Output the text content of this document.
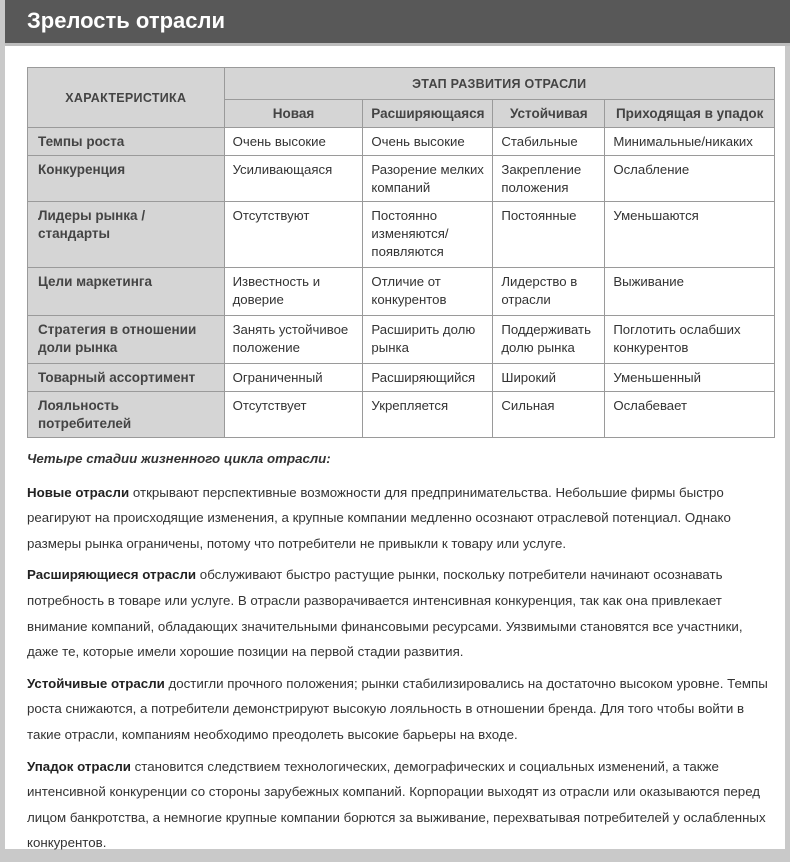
Зрелость отрасли
ХАРАКТЕРИСТИКА	ЭТАП РАЗВИТИЯ ОТРАСЛИ			
	Новая	Расширяющаяся	Устойчивая	Приходящая в упадок
Темпы роста	Очень высокие	Очень высокие	Стабильные	Минимальные/никаких
Конкуренция	Усиливающаяся	Разорение мелких компаний	Закрепление положения	Ослабление
Лидеры рынка / стандарты	Отсутствуют	Постоянно изменяются/ появляются	Постоянные	Уменьшаются
Цели маркетинга	Известность и доверие	Отличие от конкурентов	Лидерство в отрасли	Выживание
Стратегия в отношении доли рынка	Занять устойчивое положение	Расширить долю рынка	Поддерживать долю рынка	Поглотить ослабших конкурентов
Товарный ассортимент	Ограниченный	Расширяющийся	Широкий	Уменьшенный
Лояльность потребителей	Отсутствует	Укрепляется	Сильная	Ослабевает
Четыре стадии жизненного цикла отрасли:
Новые отрасли открывают перспективные возможности для предпринимательства. Небольшие фирмы быстро реагируют на происходящие изменения, а крупные компании медленно осознают отраслевой потенциал. Однако размеры рынка ограничены, потому что потребители не привыкли к товару или услуге.
Расширяющиеся отрасли обслуживают быстро растущие рынки, поскольку потребители начинают осознавать потребность в товаре или услуге. В отрасли разворачивается интенсивная конкуренция, так как она привлекает внимание компаний, обладающих значительными финансовыми ресурсами. Уязвимыми становятся все участники, даже те, которые имели хорошие позиции на первой стадии развития.
Устойчивые отрасли достигли прочного положения; рынки стабилизировались на достаточно высоком уровне. Темпы роста снижаются, а потребители демонстрируют высокую лояльность в отношении бренда. Для того чтобы войти в такие отрасли, компаниям необходимо преодолеть высокие барьеры на входе.
Упадок отрасли становится следствием технологических, демографических и социальных изменений, а также интенсивной конкуренции со стороны зарубежных компаний. Корпорации выходят из отрасли или оказываются перед лицом банкротства, а немногие крупные компании борются за выживание, перехватывая потребителей у ослабленных конкурентов.
